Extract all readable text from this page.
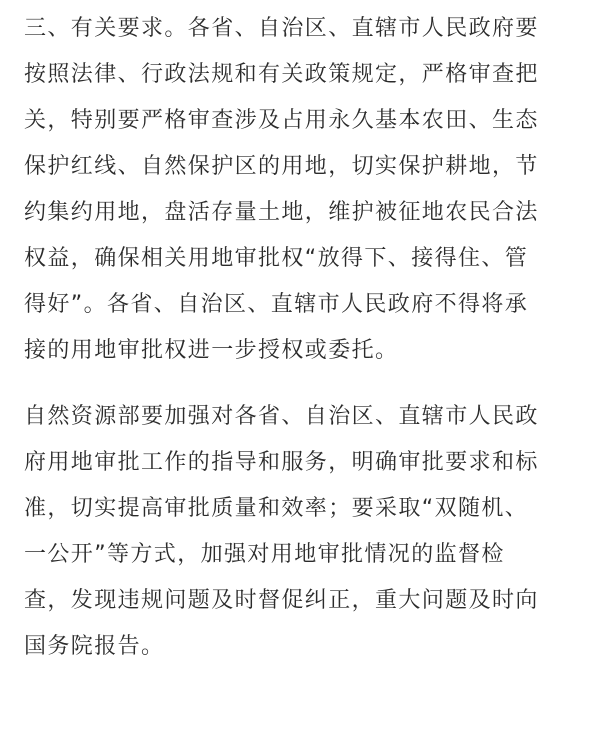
三、有关要求。各省、自治区、直辖市人民政府要
按照法律、行政法规和有关政策规定，严格审查把
关，特别要严格审查涉及占用永久基本农田、生态
保护红线、自然保护区的用地，切实保护耕地，节
约集约用地，盘活存量土地，维护被征地农民合法
权益，确保相关用地审批权“放得下、接得住、管
得好”。各省、自治区、直辖市人民政府不得将承
接的用地审批权进一步授权或委托。
自然资源部要加强对各省、自治区、直辖市人民政
府用地审批工作的指导和服务，明确审批要求和标
准，切实提高审批质量和效率；要采取“双随机、
一公开”等方式，加强对用地审批情况的监督检
查，发现违规问题及时督促纠正，重大问题及时向
国务院报告。
